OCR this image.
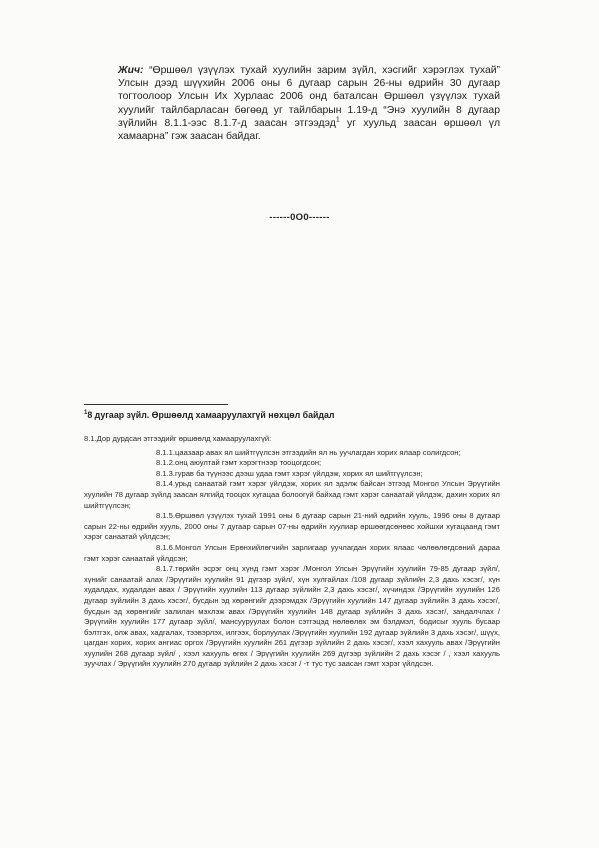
Жич: “Өршөөл үзүүлэх тухай хуулийн зарим зүйл, хэсгийг хэрэглэх тухай” Улсын дээд шүүхийн 2006 оны 6 дугаар сарын 26-ны өдрийн 30 дугаар тогтоолоор Улсын Их Хурлаас 2006 онд баталсан Өршөөл үзүүлэх тухай хуулийг тайлбарласан бөгөөд уг тайлбарын 1.19-д “Энэ хуулийн 8 дугаар зүйлийн 8.1.1-ээс 8.1.7-д заасан этгээдэд$^1$ уг хуульд заасан өршөөл үл хамаарна” гэж заасан байдаг.
------0О0------
$^1$8 дугаар зүйл. Өршөөлд хамааруулахгүй нөхцөл байдал

8.1.Дор дурдсан этгээдийг өршөөлд хамааруулахгүй:

8.1.1.цаазаар авах ял шийтгүүлсэн этгээдийн ял нь уучлагдан хорих ялаар солигдсон;

8.1.2.онц аюултай гэмт хэрэгтнээр тооцогдсон;

8.1.3.гурав ба түүнээс дээш удаа гэмт хэрэг үйлдэж, хорих ял шийтгүүлсэн;

8.1.4.урьд санаатай гэмт хэрэг үйлдэж, хорих ял эдэлж байсан этгээд Монгол Улсын Эрүүгийн хуулийн 78 дугаар зүйлд заасан ялгийд тооцох хугацаа болоогүй байхад гэмт хэрэг санаатай үйлдэж, дахин хорих ял шийтгүүлсэн;

8.1.5.Өршөөл үзүүлэх тухай 1991 оны 6 дугаар сарын 21-ний өдрийн хууль, 1996 оны 8 дугаар сарын 22-ны өдрийн хууль, 2000 оны 7 дугаар сарын 07-ны өдрийн хуулиар өршөөгдсөнөөс хойшхи хугацаанд гэмт хэрэг санаатай үйлдсэн;

8.1.6.Монгол Улсын Ерөнхийлөгчийн зарлигаар уучлагдан хорих ялаас чөлөөлөгдсөний дараа гэмт хэрэг санаатай үйлдсэн;

8.1.7.төрийн эсрэг онц хүнд гэмт хэрэг /Монгол Улсын Эрүүгийн хуулийн 79-85 дугаар зүйл/, хүнийг санаатай алах /Эрүүгийн хуулийн 91 дүгээр зүйл/, хүн хулгайлах /108 дугаар зүйлийн 2,3 дахь хэсэг/, хүн худалдах, худалдан авах / Эрүүгийн хуулийн 113 дугаар зүйлийн 2,3 дахь хэсэг/, хүчиндэх /Эрүүгийн хуулийн 126 дугаар зүйлийн 3 дахь хэсэг/, бусдын эд хөрөнгийг дээрэмдэх /Эрүүгийн хуулийн 147 дугаар зүйлийн 3 дахь хэсэг/, бусдын эд хөрөнгийг залилан мэхлэж авах /Эрүүгийн хуулийн 148 дугаар зүйлийн 3 дахь хэсэг/, зандалчлах /Эрүүгийн хуулийн 177 дугаар зүйл/, мансууруулах болон сэтгэцэд нөлөөлөх эм бэлдмэл, бодисыг хууль бусаар бэлтгэх, олж авах, хадгалах, тээвэрлэх, илгээх, борлуулах /Эрүүгийн хуулийн 192 дугаар зүйлийн 3 дахь хэсэг/, шүүх, цагдан хорих, хорих ангиас оргох /Эрүүгийн хуулийн 261 дүгээр зүйлийн 2 дахь хэсэг/, хээл хахууль авах /Эрүүгийн хуулийн 268 дугаар зүйл/ , хээл хахууль өгөх / Эрүүгийн хуулийн 269 дүгээр зүйлийн 2 дахь хэсэг / , хээл хахууль зуучлах / Эрүүгийн хуулийн 270 дугаар зүйлийн 2 дахь хэсэг / -т тус тус заасан гэмт хэрэг үйлдсэн.
